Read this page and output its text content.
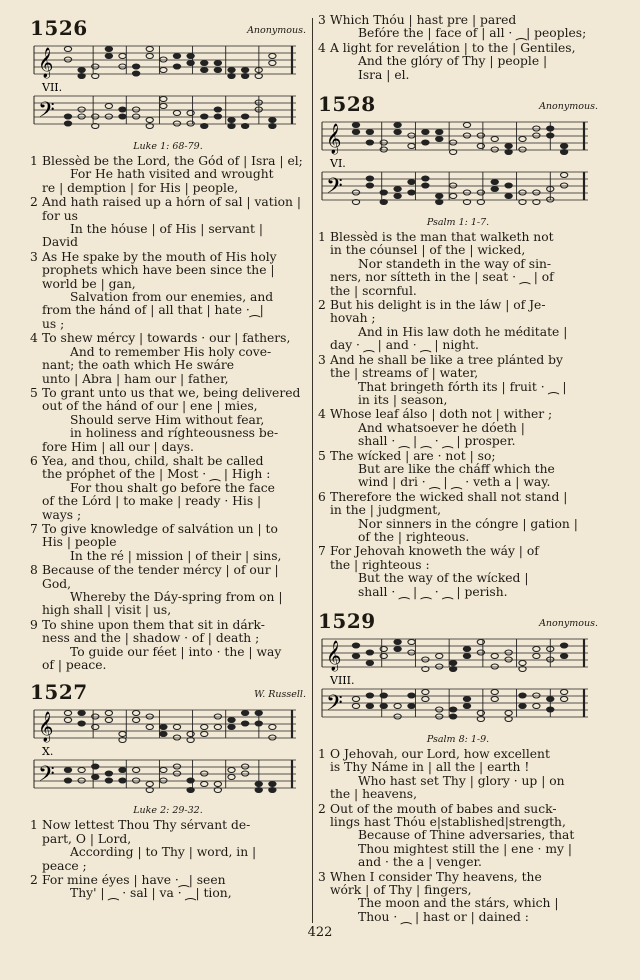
1526	Anonymous.
𝄞
𝄢
VII.
Luke 1: 68-79.
1 Blessèd be the Lord, the Gód of | Isra | el;
For He hath visited and wrought
re | demption | for His | people,
2 And hath raised up a hórn of sal | vation | for us
In the hóuse | of His | servant |
David
3 As He spake by the mouth of His holy
prophets which have been since the |
world be | gan,
Salvation from our enemies, and
from the hánd of | all that | hate ·⁔|
us ;
4 To shew mércy | towards · our | fathers,
And to remember His holy cove-
nant; the oath which He swáre
unto | Abra | ham our | father,
5 To grant unto us that we, being delivered out of the hánd of our | ene | mies,
Should serve Him without fear,
in holiness and ríghteousness be-
fore Him | all our | days.
6 Yea, and thou, child, shalt be called
the próphet of the | Most · ⁔ | High :
For thou shalt go before the face
of the Lórd | to make | ready · His |
ways ;
7 To give knowledge of salvátion un | to
His | people
In the ré | mission | of their | sins,
8 Because of the tender mércy | of our |
God,
Whereby the Dáy-spring from on |
high shall | visit | us,
9 To shine upon them that sit in dárk-
ness and the | shadow · of | death ;
To guide our féet | into · the | way
of | peace.
1527	W. Russell.
𝄞
𝄢
X.
Luke 2: 29-32.
1 Now lettest Thou Thy sérvant de-
part, O | Lord,
According | to Thy | word, in |
peace ;
2 For mine éyes | have ·⁔| seen
Thy' | ⁔ · sal | va · ⁔| tion,
3 Which Thóu | hast pre | pared
Befóre the | face of | all · ⁔| peoples;
4 A light for revelátion | to the | Gentiles,
And the glóry of Thy | people |
Isra | el.
1528	Anonymous.
𝄞
𝄢
VI.
Psalm 1: 1-7.
1 Blessèd is the man that walketh not
in the cóunsel | of the | wicked,
Nor standeth in the way of sin-
ners, nor sítteth in the | seat · ⁔ | of
the | scornful.
2 But his delight is in the láw | of Je-
hovah ;
And in His law doth he méditate |
day · ⁔ | and · ⁔ | night.
3 And he shall be like a tree plánted by
the | streams of | water,
That bringeth fórth its | fruit · ⁔ |
in its | season,
4 Whose leaf álso | doth not | wither ;
And whatsoever he dóeth |
shall · ⁔ | ⁔ · ⁔ | prosper.
5 The wícked | are · not | so;
But are like the cháff which the
wind | dri · ⁔ | ⁔ · veth a | way.
6 Therefore the wicked shall not stand |
in the | judgment,
Nor sinners in the cóngre | gation |
of the | righteous.
7 For Jehovah knoweth the wáy | of
the | righteous :
But the way of the wícked |
shall · ⁔ | ⁔ · ⁔ | perish.
1529	Anonymous.
𝄞
𝄢
VIII.
Psalm 8: 1-9.
1 O Jehovah, our Lord, how excellent
is Thy Náme in | all the | earth !
Who hast set Thy | glory · up | on
the | heavens,
2 Out of the mouth of babes and suck-
lings hast Thóu e|stablished|strength,
Because of Thine adversaries, that
Thou mightest still the | ene · my |
and · the a | venger.
3 When I consider Thy heavens, the
wórk | of Thy | fingers,
The moon and the stárs, which |
Thou · ⁔ | hast or | dained :
422
